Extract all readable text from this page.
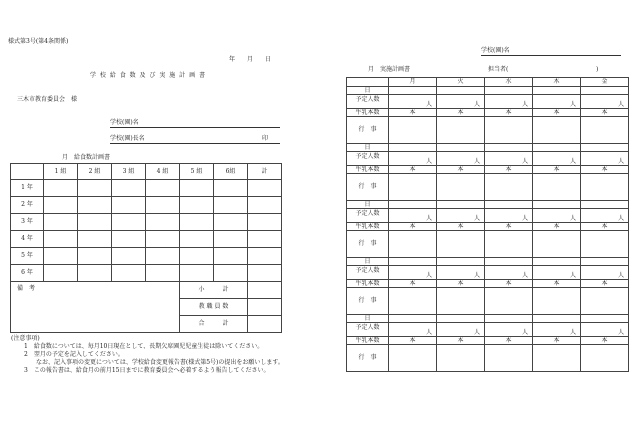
様式第3号(第4条関係)
年　　月　　日
学 校 給 食 数 及 び 実 施 計 画 書
三木市教育委員会　様
学校(園)名
学校(園)長名	印
月　給食数計画書
	1 組	2 組	3 組	4 組	5 組	6組	計
1 年							
2 年							
3 年							
4 年							
5 年							
6 年							
備　考					小　　　計
教 職 員 数
合　　　計		
(注意事項)
1　給食数については、毎月10日現在として、長期欠席園児児童生徒は除いてください。
2　翌月の予定を記入してください。
　　なお、記入事項の変更については、学校給食変更報告書(様式第5号)の提出をお願いします。
3　この報告書は、給食月の前月15日までに教育委員会へ必着するよう報告してください。
学校(園)名
月　実施計画書	担当者(	)
	月	火	水	木	金
日					
予定人数	人	人	人	人	人
牛乳本数	本	本	本	本	本
行　事					
日					
予定人数	人	人	人	人	人
牛乳本数	本	本	本	本	本
行　事					
日					
予定人数	人	人	人	人	人
牛乳本数	本	本	本	本	本
行　事					
日					
予定人数	人	人	人	人	人
牛乳本数	本	本	本	本	本
行　事					
日					
予定人数	人	人	人	人	人
牛乳本数	本	本	本	本	本
行　事					
